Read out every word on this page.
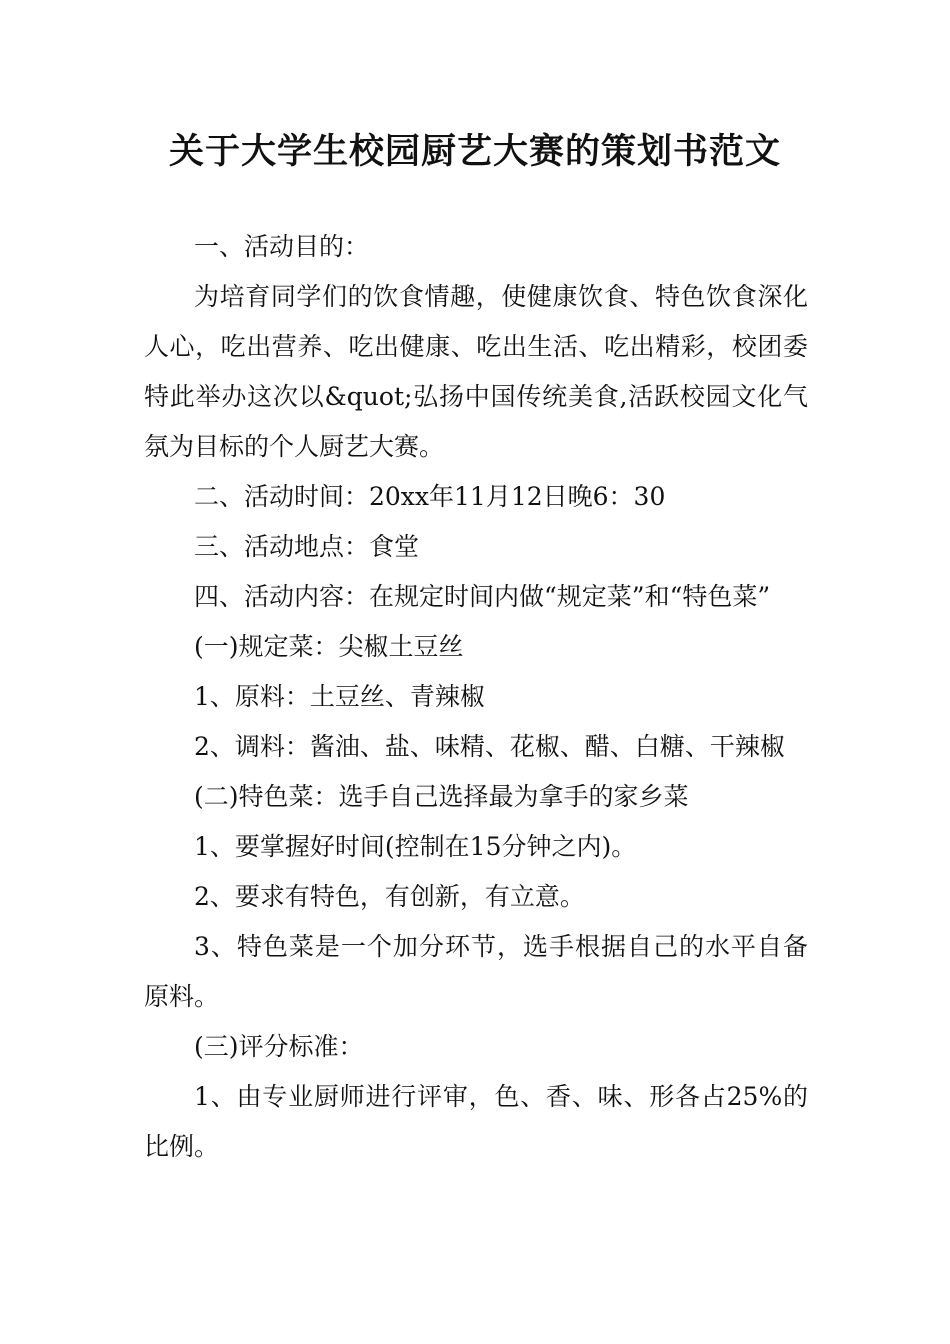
关于大学生校园厨艺大赛的策划书范文

一、活动目的：

为培育同学们的饮食情趣，使健康饮食、特色饮食深化人心，吃出营养、吃出健康、吃出生活、吃出精彩，校团委特此举办这次以&quot;弘扬中国传统美食,活跃校园文化气氛为目标的个人厨艺大赛。

二、活动时间：20xx年11月12日晚6：30

三、活动地点：食堂

四、活动内容：在规定时间内做“规定菜”和“特色菜”

(一)规定菜：尖椒土豆丝

1、原料：土豆丝、青辣椒

2、调料：酱油、盐、味精、花椒、醋、白糖、干辣椒

(二)特色菜：选手自己选择最为拿手的家乡菜

1、要掌握好时间(控制在15分钟之内)。

2、要求有特色，有创新，有立意。

3、特色菜是一个加分环节，选手根据自己的水平自备原料。

(三)评分标准：

1、由专业厨师进行评审，色、香、味、形各占25%的比例。
